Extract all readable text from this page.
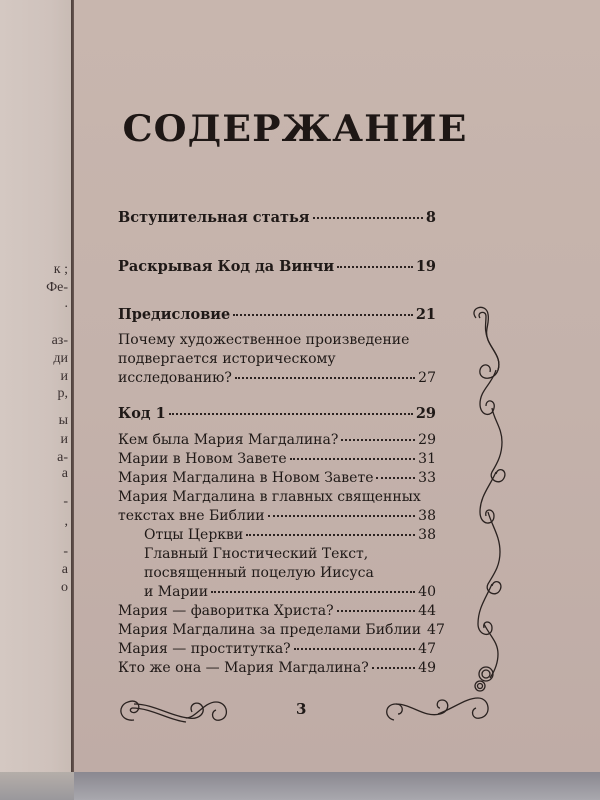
к ;
Фе-
.
аз-
ди
и
р,
ы
и
а-
а
-
,
-
а
о
СОДЕРЖАНИЕ
Вступительная статья	8
Раскрывая Код да Винчи	19
Предисловие	21
Почему художественное произведение
подвергается историческому
исследованию?	27
Код 1	29
Кем была Мария Магдалина?	29
Марии в Новом Завете	31
Мария Магдалина в Новом Завете	33
Мария Магдалина в главных священных
текстах вне Библии	38
Отцы Церкви	38
Главный Гностический Текст,
посвященный поцелую Иисуса
и Марии	40
Мария — фаворитка Христа?	44
Мария Магдалина за пределами Библии 47
Мария — проститутка?	47
Кто же она — Мария Магдалина?	49
3
